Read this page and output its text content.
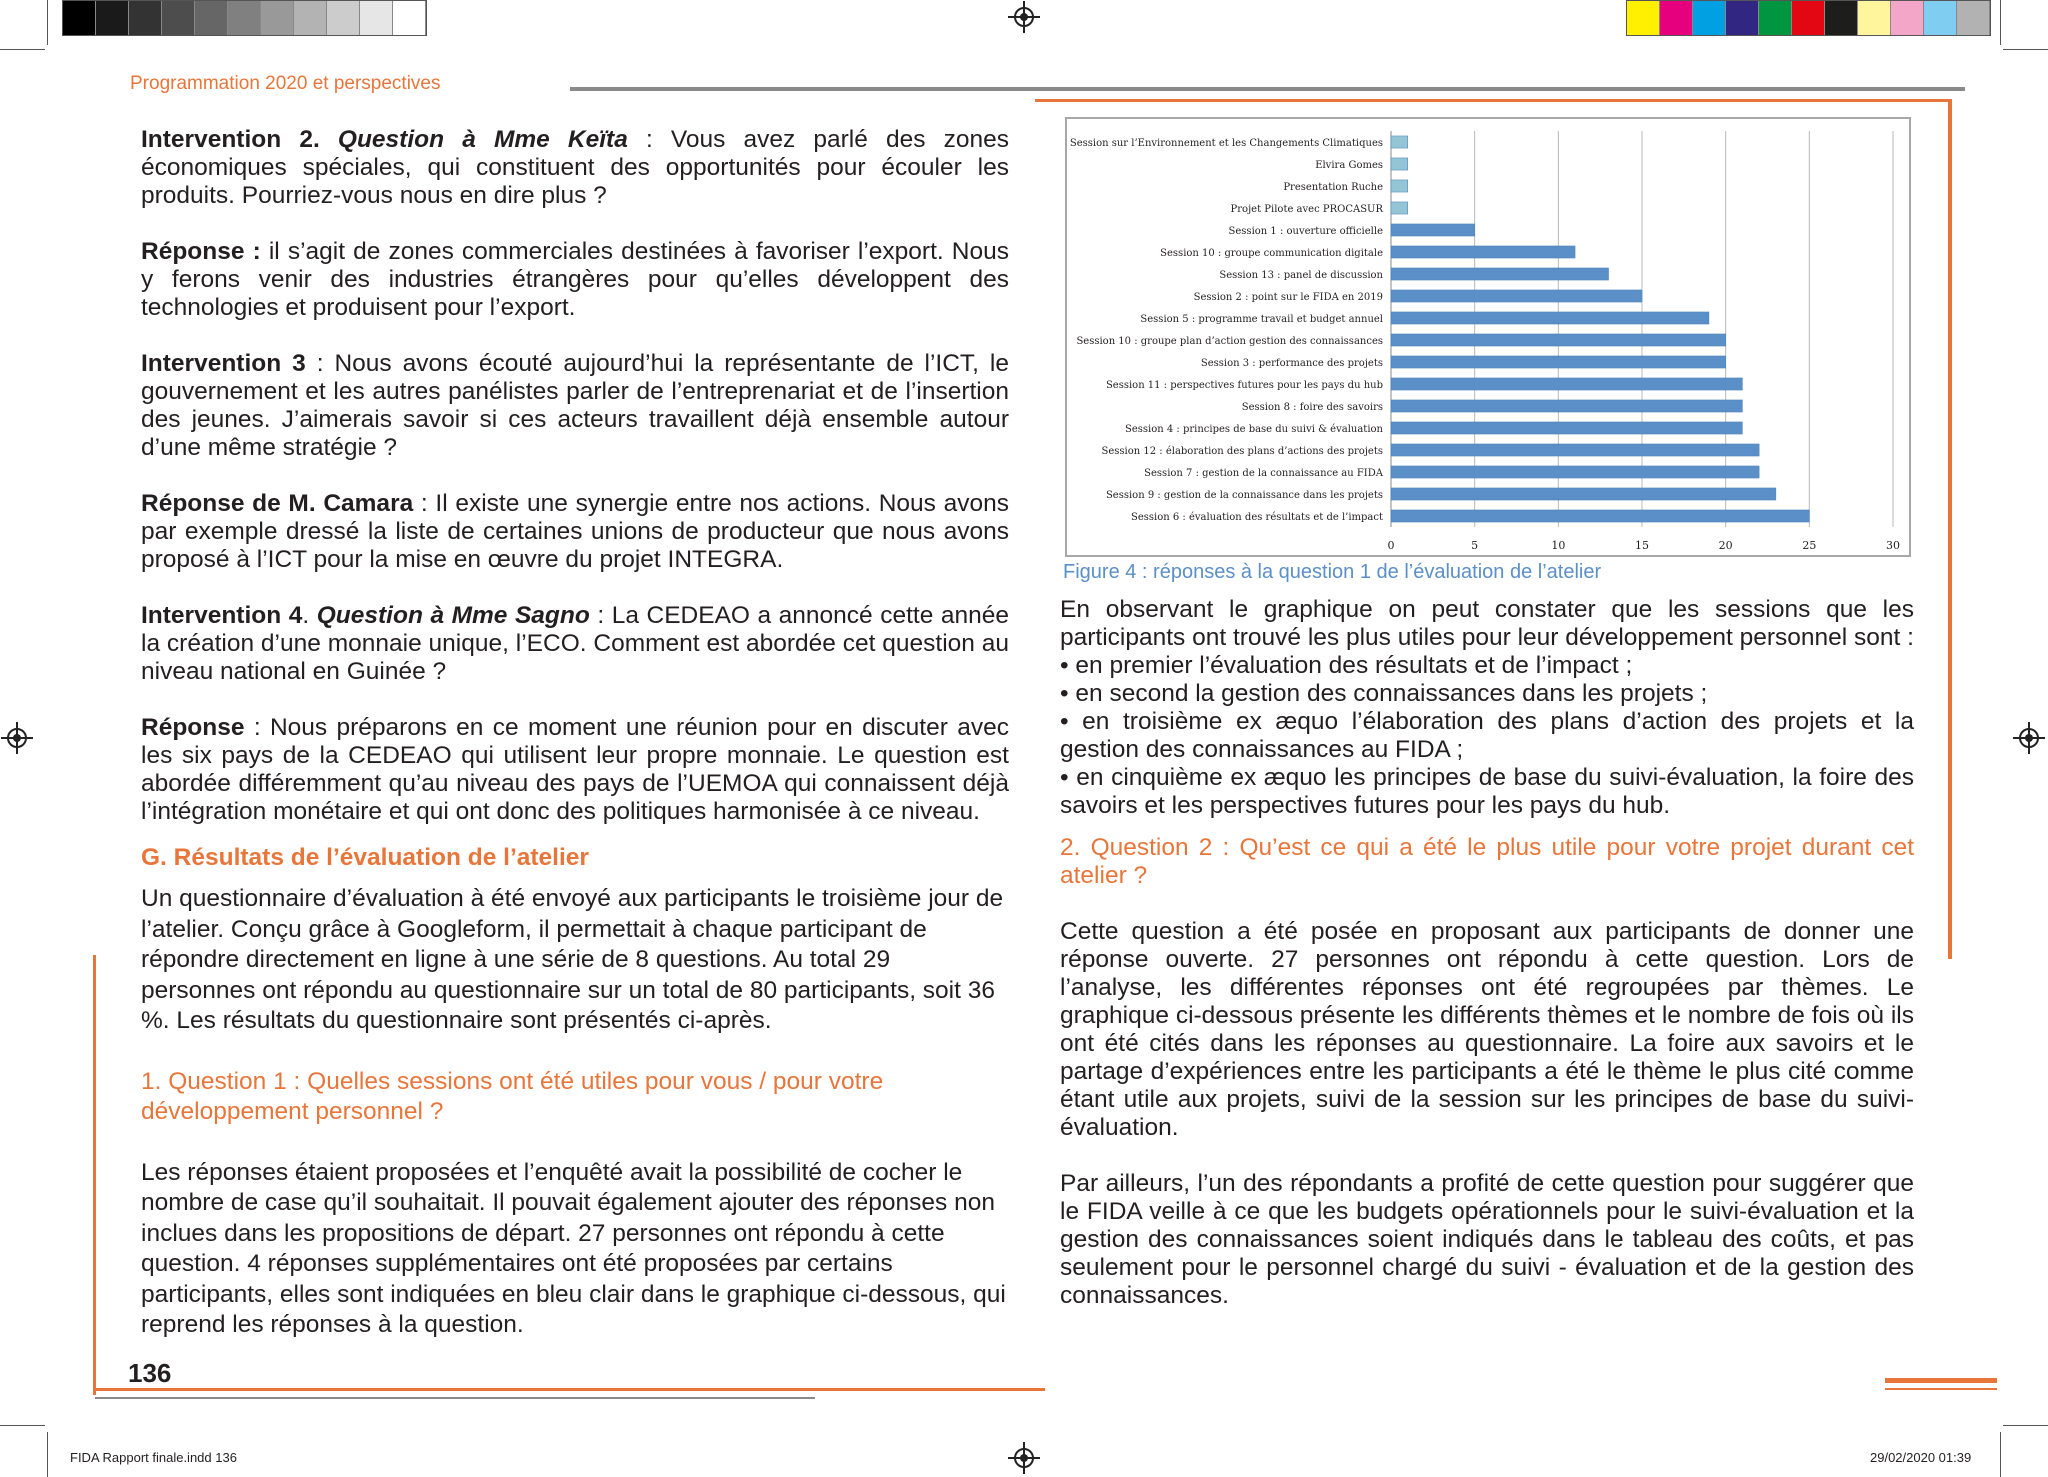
Programmation 2020 et perspectives

Intervention 2. Question à Mme Keïta : Vous avez parlé des zones économiques spéciales, qui constituent des opportunités pour écouler les produits. Pourriez-vous nous en dire plus ?

Réponse : il s’agit de zones commerciales destinées à favoriser l’export. Nous y ferons venir des industries étrangères pour qu’elles développent des technologies et produisent pour l’export.

Intervention 3 : Nous avons écouté aujourd’hui la représentante de l’ICT, le gouvernement et les autres panélistes parler de l’entreprenariat et de l’insertion des jeunes. J’aimerais savoir si ces acteurs travaillent déjà ensemble autour d’une même stratégie ?

Réponse de M. Camara : Il existe une synergie entre nos actions. Nous avons par exemple dressé la liste de certaines unions de producteur que nous avons proposé à l’ICT pour la mise en œuvre du projet INTEGRA.

Intervention 4. Question à Mme Sagno : La CEDEAO a annoncé cette année la création d’une monnaie unique, l’ECO. Comment est abordée cet question au niveau national en Guinée ?

Réponse : Nous préparons en ce moment une réunion pour en discuter avec les six pays de la CEDEAO qui utilisent leur propre monnaie. Le question est abordée différemment qu’au niveau des pays de l’UEMOA qui connaissent déjà l’intégration monétaire et qui ont donc des politiques harmonisée à ce niveau.

G. Résultats de l’évaluation de l’atelier

Un questionnaire d’évaluation à été envoyé aux participants le troisième jour de l’atelier. Conçu grâce à Googleform, il permettait à chaque participant de répondre directement en ligne à une série de 8 questions. Au total 29 personnes ont répondu au questionnaire sur un total de 80 participants, soit 36 %. Les résultats du questionnaire sont présentés ci-après.

1. Question 1 : Quelles sessions ont été utiles pour vous / pour votre développement personnel ?

Les réponses étaient proposées et l’enquêté avait la possibilité de cocher le nombre de case qu’il souhaitait. Il pouvait également ajouter des réponses non inclues dans les propositions de départ. 27 personnes ont répondu à cette question. 4 réponses supplémentaires ont été proposées par certains participants, elles sont indiquées en bleu clair dans le graphique ci-dessous, qui reprend les réponses à la question.

0	5	10	15	20	25	30
Session sur l’Environnement et les Changements Climatiques
Elvira Gomes
Presentation Ruche
Projet Pilote avec PROCASUR
Session 1 : ouverture officielle
Session 10 : groupe communication digitale
Session 13 : panel de discussion
Session 2 : point sur le FIDA en 2019
Session 5 : programme travail et budget annuel
Session 10 : groupe plan d’action gestion des connaissances
Session 3 : performance des projets
Session 11 : perspectives futures pour les pays du hub
Session 8 : foire des savoirs
Session 4 : principes de base du suivi & évaluation
Session 12 : élaboration des plans d’actions des projets
Session 7 : gestion de la connaissance au FIDA
Session 9 : gestion de la connaissance dans les projets
Session 6 : évaluation des résultats et de l’impact
Figure 4 : réponses à la question 1 de l’évaluation de l’atelier

En observant le graphique on peut constater que les sessions que les participants ont trouvé les plus utiles pour leur développement personnel sont :

• en premier l’évaluation des résultats et de l’impact ;
• en second la gestion des connaissances dans les projets ;
• en troisième ex æquo l’élaboration des plans d’action des projets et la gestion des connaissances au FIDA ;
• en cinquième ex æquo les principes de base du suivi-évaluation, la foire des savoirs et les perspectives futures pour les pays du hub.

2. Question 2 : Qu’est ce qui a été le plus utile pour votre projet durant cet atelier ?

Cette question a été posée en proposant aux participants de donner une réponse ouverte. 27 personnes ont répondu à cette question. Lors de l’analyse, les différentes réponses ont été regroupées par thèmes. Le graphique ci-dessous présente les différents thèmes et le nombre de fois où ils ont été cités dans les réponses au questionnaire. La foire aux savoirs et le partage d’expériences entre les participants a été le thème le plus cité comme étant utile aux projets, suivi de la session sur les principes de base du suivi-évaluation.

Par ailleurs, l’un des répondants a profité de cette question pour suggérer que le FIDA veille à ce que les budgets opérationnels pour le suivi-évaluation et la gestion des connaissances soient indiqués dans le tableau des coûts, et pas seulement pour le personnel chargé du suivi - évaluation et de la gestion des connaissances.

136
FIDA Rapport finale.indd 136	29/02/2020 01:39
